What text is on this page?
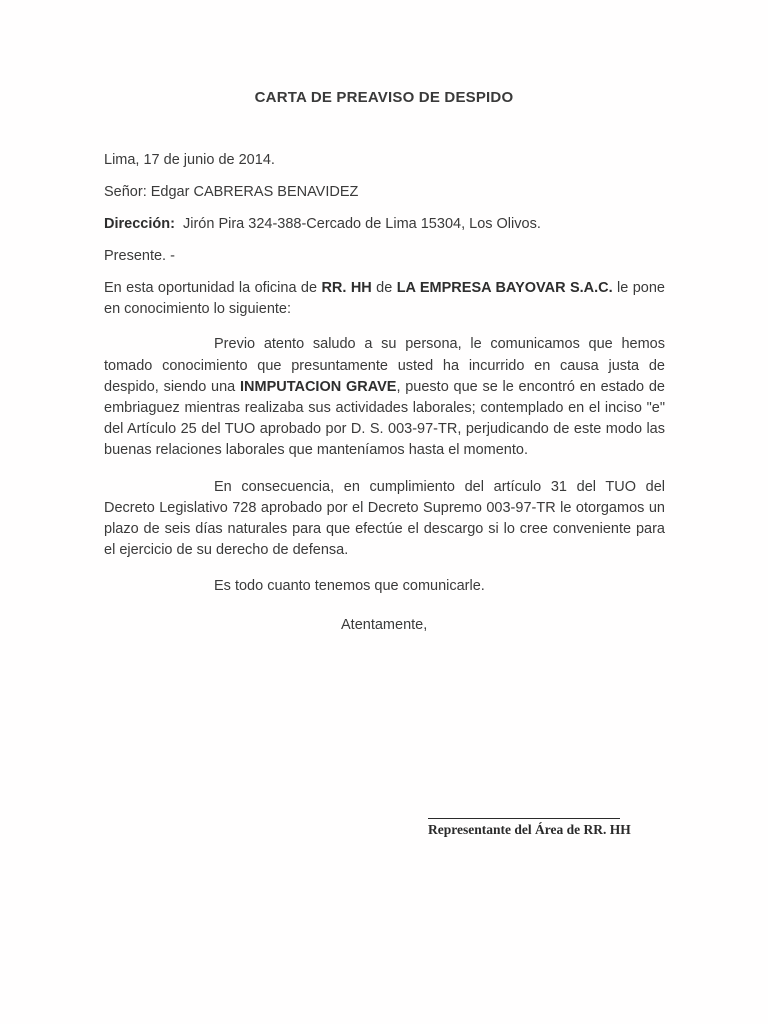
CARTA DE PREAVISO DE DESPIDO
Lima, 17 de junio de 2014.
Señor: Edgar CABRERAS BENAVIDEZ
Dirección: Jirón Pira 324-388-Cercado de Lima 15304, Los Olivos.
Presente. -

En esta oportunidad la oficina de RR. HH de LA EMPRESA BAYOVAR S.A.C. le pone en conocimiento lo siguiente:

Previo atento saludo a su persona, le comunicamos que hemos tomado conocimiento que presuntamente usted ha incurrido en causa justa de despido, siendo una INMPUTACION GRAVE, puesto que se le encontró en estado de embriaguez mientras realizaba sus actividades laborales; contemplado en el inciso "e" del Artículo 25 del TUO aprobado por D. S. 003-97-TR, perjudicando de este modo las buenas relaciones laborales que manteníamos hasta el momento.

En consecuencia, en cumplimiento del artículo 31 del TUO del Decreto Legislativo 728 aprobado por el Decreto Supremo 003-97-TR le otorgamos un plazo de seis días naturales para que efectúe el descargo si lo cree conveniente para el ejercicio de su derecho de defensa.

Es todo cuanto tenemos que comunicarle.
Atentamente,
Representante del Área de RR. HH
